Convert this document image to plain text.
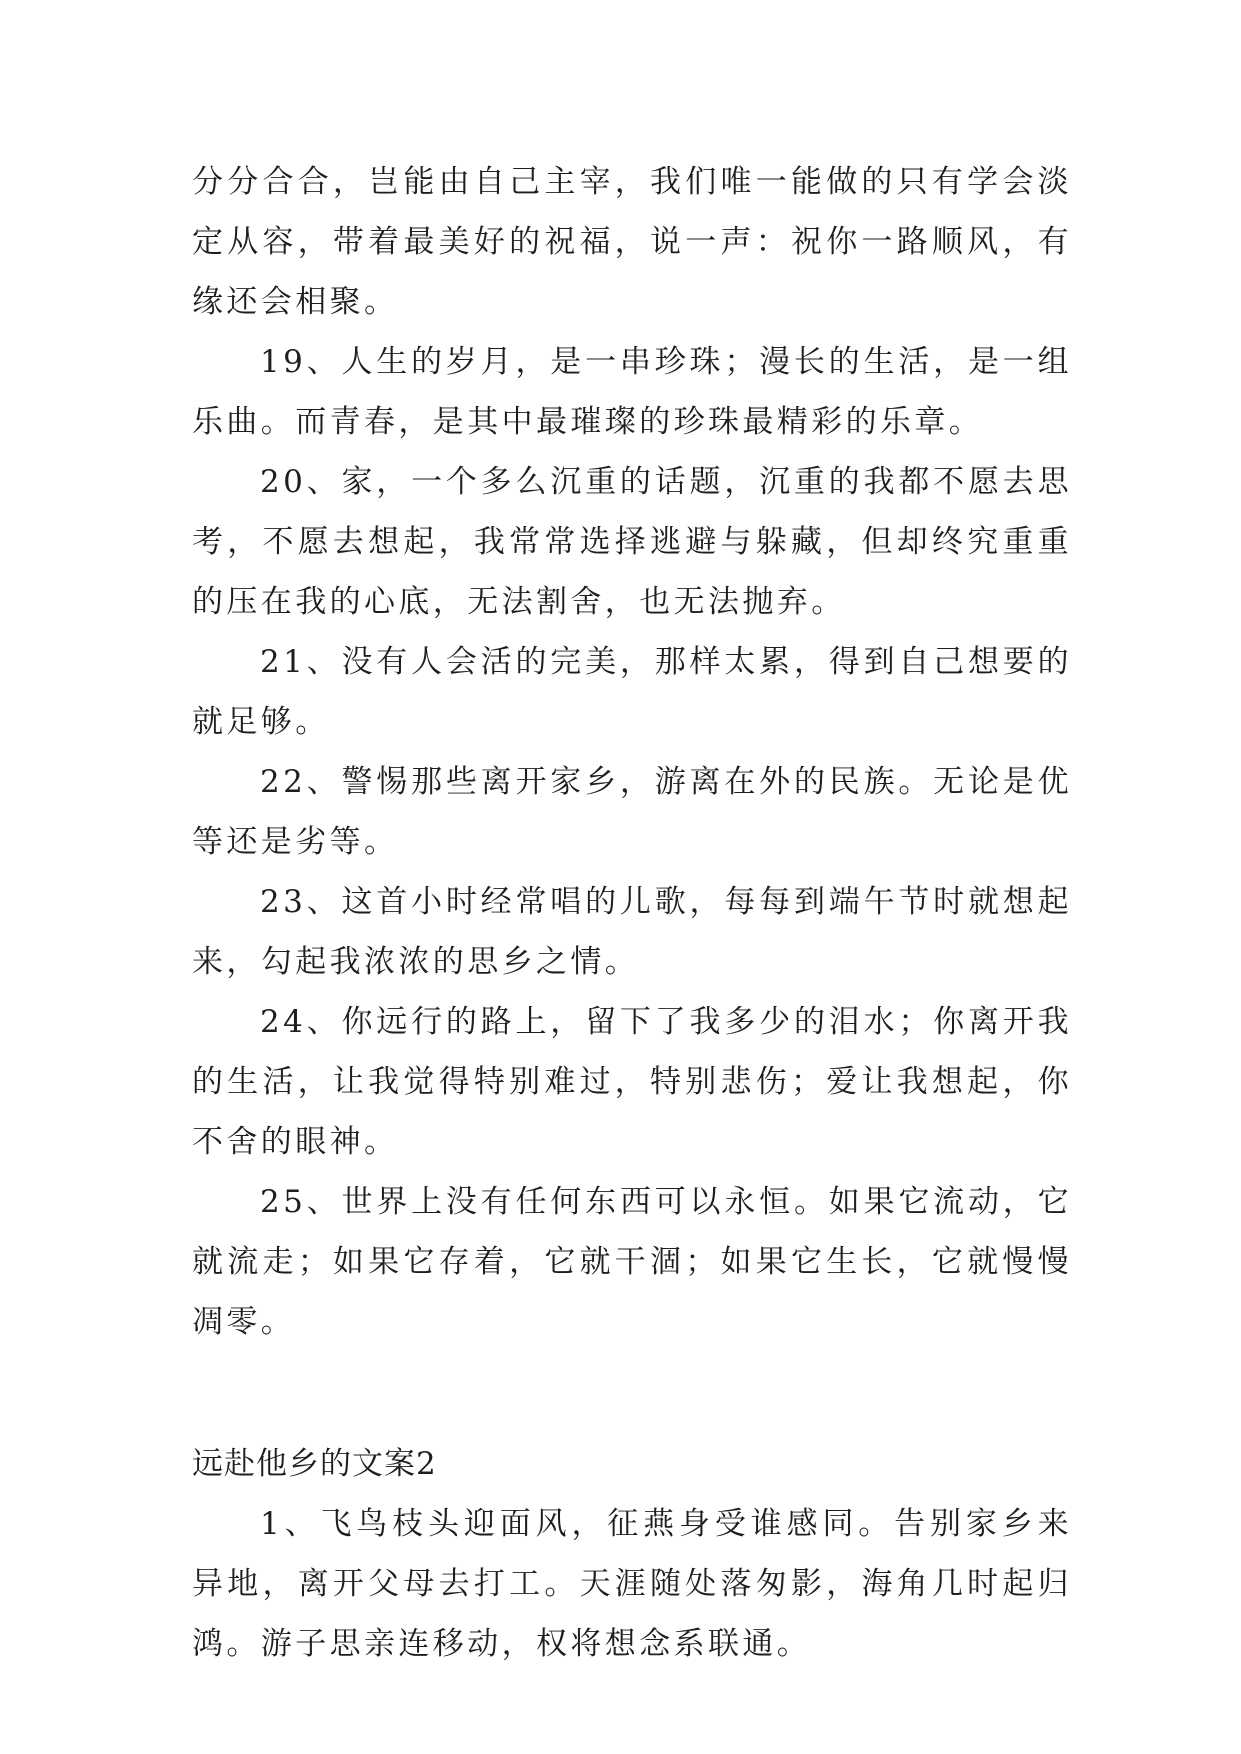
分分合合，岂能由自己主宰，我们唯一能做的只有学会淡定从容，带着最美好的祝福，说一声：祝你一路顺风，有缘还会相聚。

19、人生的岁月，是一串珍珠；漫长的生活，是一组乐曲。而青春，是其中最璀璨的珍珠最精彩的乐章。

20、家，一个多么沉重的话题，沉重的我都不愿去思考，不愿去想起，我常常选择逃避与躲藏，但却终究重重的压在我的心底，无法割舍，也无法抛弃。

21、没有人会活的完美，那样太累，得到自己想要的就足够。

22、警惕那些离开家乡，游离在外的民族。无论是优等还是劣等。

23、这首小时经常唱的儿歌，每每到端午节时就想起来，勾起我浓浓的思乡之情。

24、你远行的路上，留下了我多少的泪水；你离开我的生活，让我觉得特别难过，特别悲伤；爱让我想起，你不舍的眼神。

25、世界上没有任何东西可以永恒。如果它流动，它就流走；如果它存着，它就干涸；如果它生长，它就慢慢凋零。

远赴他乡的文案2

1、飞鸟枝头迎面风，征燕身受谁感同。告别家乡来异地，离开父母去打工。天涯随处落匆影，海角几时起归鸿。游子思亲连移动，权将想念系联通。
